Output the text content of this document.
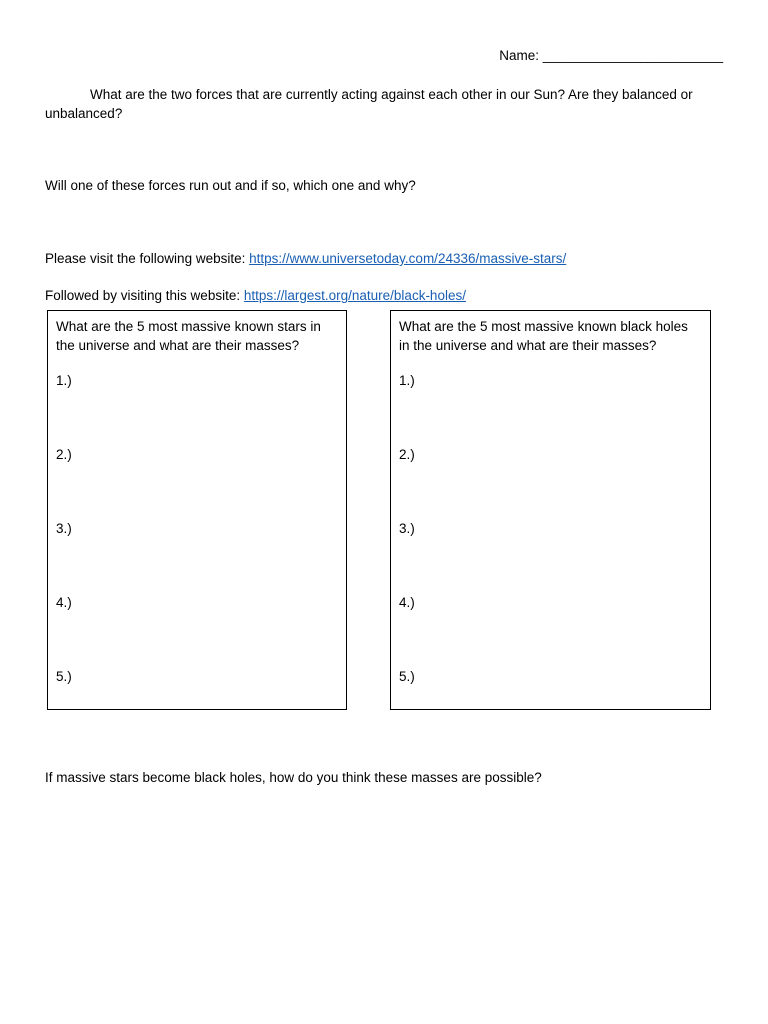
Name: ________________________
What are the two forces that are currently acting against each other in our Sun? Are they balanced or unbalanced?
Will one of these forces run out and if so, which one and why?
Please visit the following website: https://www.universetoday.com/24336/massive-stars/
Followed by visiting this website: https://largest.org/nature/black-holes/
What are the 5 most massive known stars in the universe and what are their masses?
1.)
2.)
3.)
4.)
5.)
What are the 5 most massive known black holes in the universe and what are their masses?
1.)
2.)
3.)
4.)
5.)
If massive stars become black holes, how do you think these masses are possible?
